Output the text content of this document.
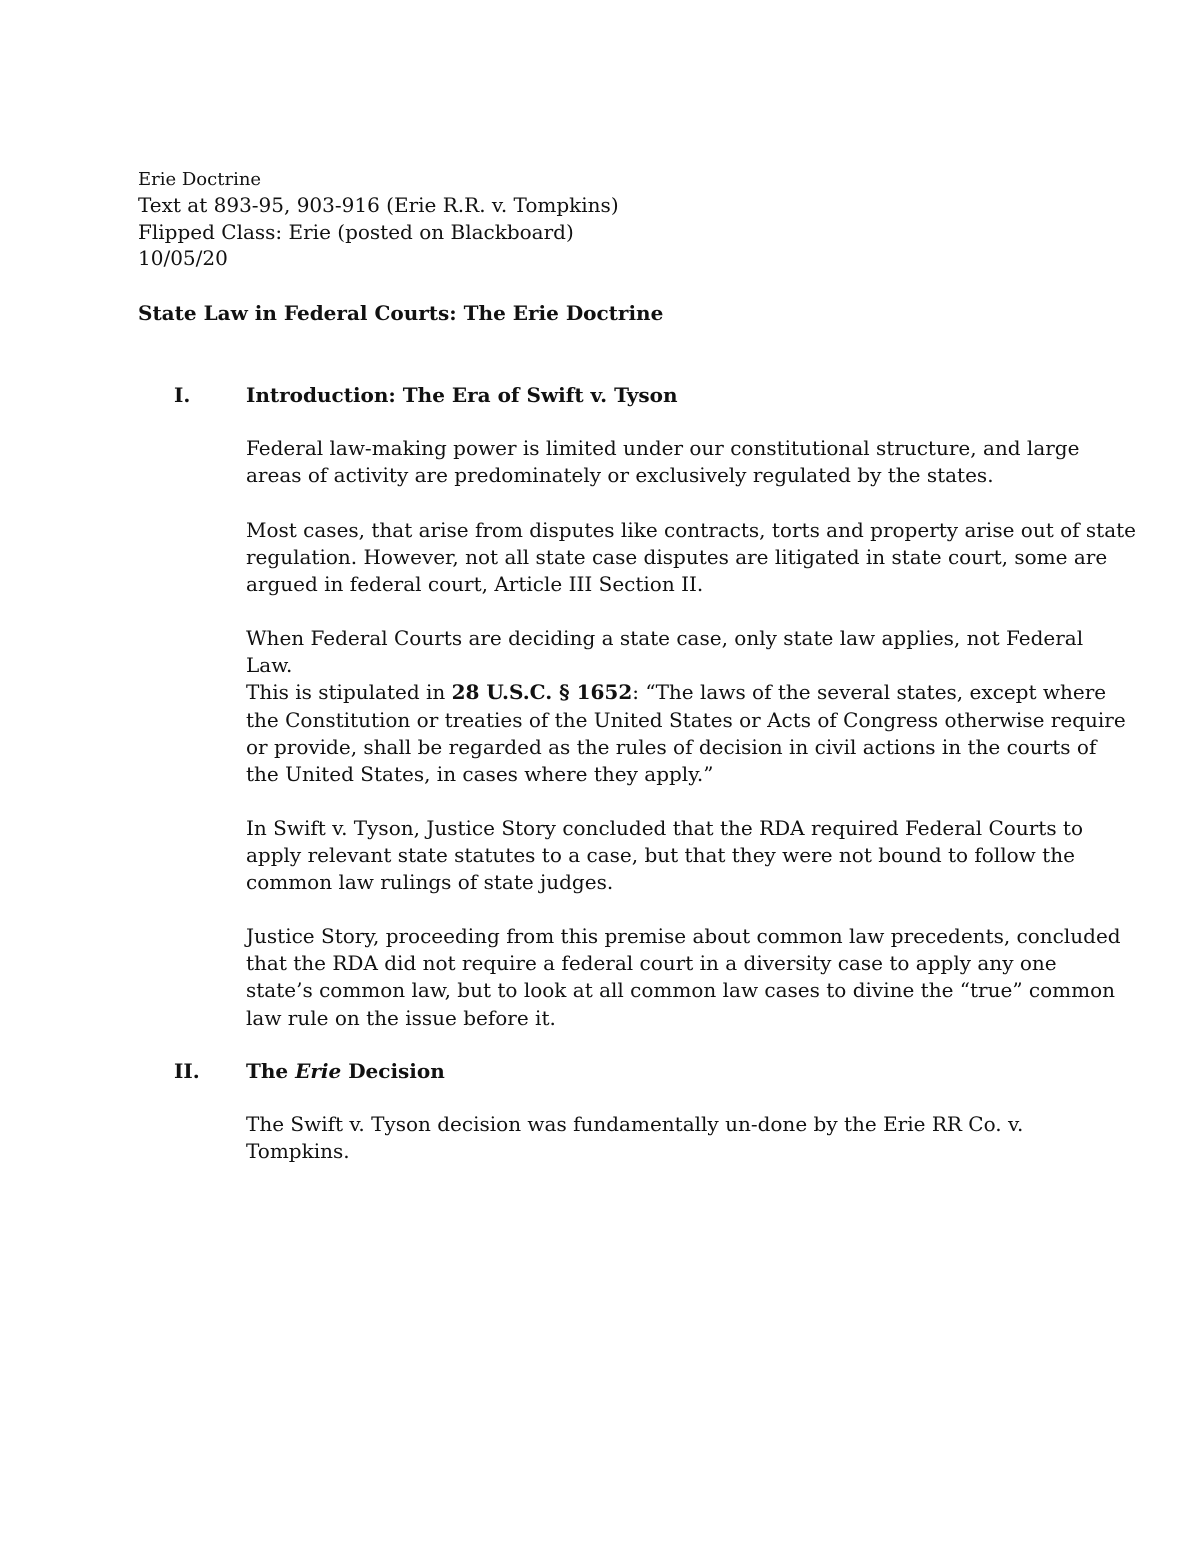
Erie Doctrine
Text at 893-95, 903-916 (Erie R.R. v. Tompkins)
Flipped Class: Erie (posted on Blackboard)
10/05/20
State Law in Federal Courts: The Erie Doctrine
I.	Introduction: The Era of Swift v. Tyson
Federal law-making power is limited under our constitutional structure, and large
areas of activity are predominately or exclusively regulated by the states.
Most cases, that arise from disputes like contracts, torts and property arise out of state
regulation. However, not all state case disputes are litigated in state court, some are
argued in federal court, Article III Section II.
When Federal Courts are deciding a state case, only state law applies, not Federal
Law.
This is stipulated in 28 U.S.C. § 1652: “The laws of the several states, except where
the Constitution or treaties of the United States or Acts of Congress otherwise require
or provide, shall be regarded as the rules of decision in civil actions in the courts of
the United States, in cases where they apply.”
In Swift v. Tyson, Justice Story concluded that the RDA required Federal Courts to
apply relevant state statutes to a case, but that they were not bound to follow the
common law rulings of state judges.
Justice Story, proceeding from this premise about common law precedents, concluded
that the RDA did not require a federal court in a diversity case to apply any one
state’s common law, but to look at all common law cases to divine the “true” common
law rule on the issue before it.
II. The Erie Decision
The Swift v. Tyson decision was fundamentally un-done by the Erie RR Co. v.
Tompkins.
